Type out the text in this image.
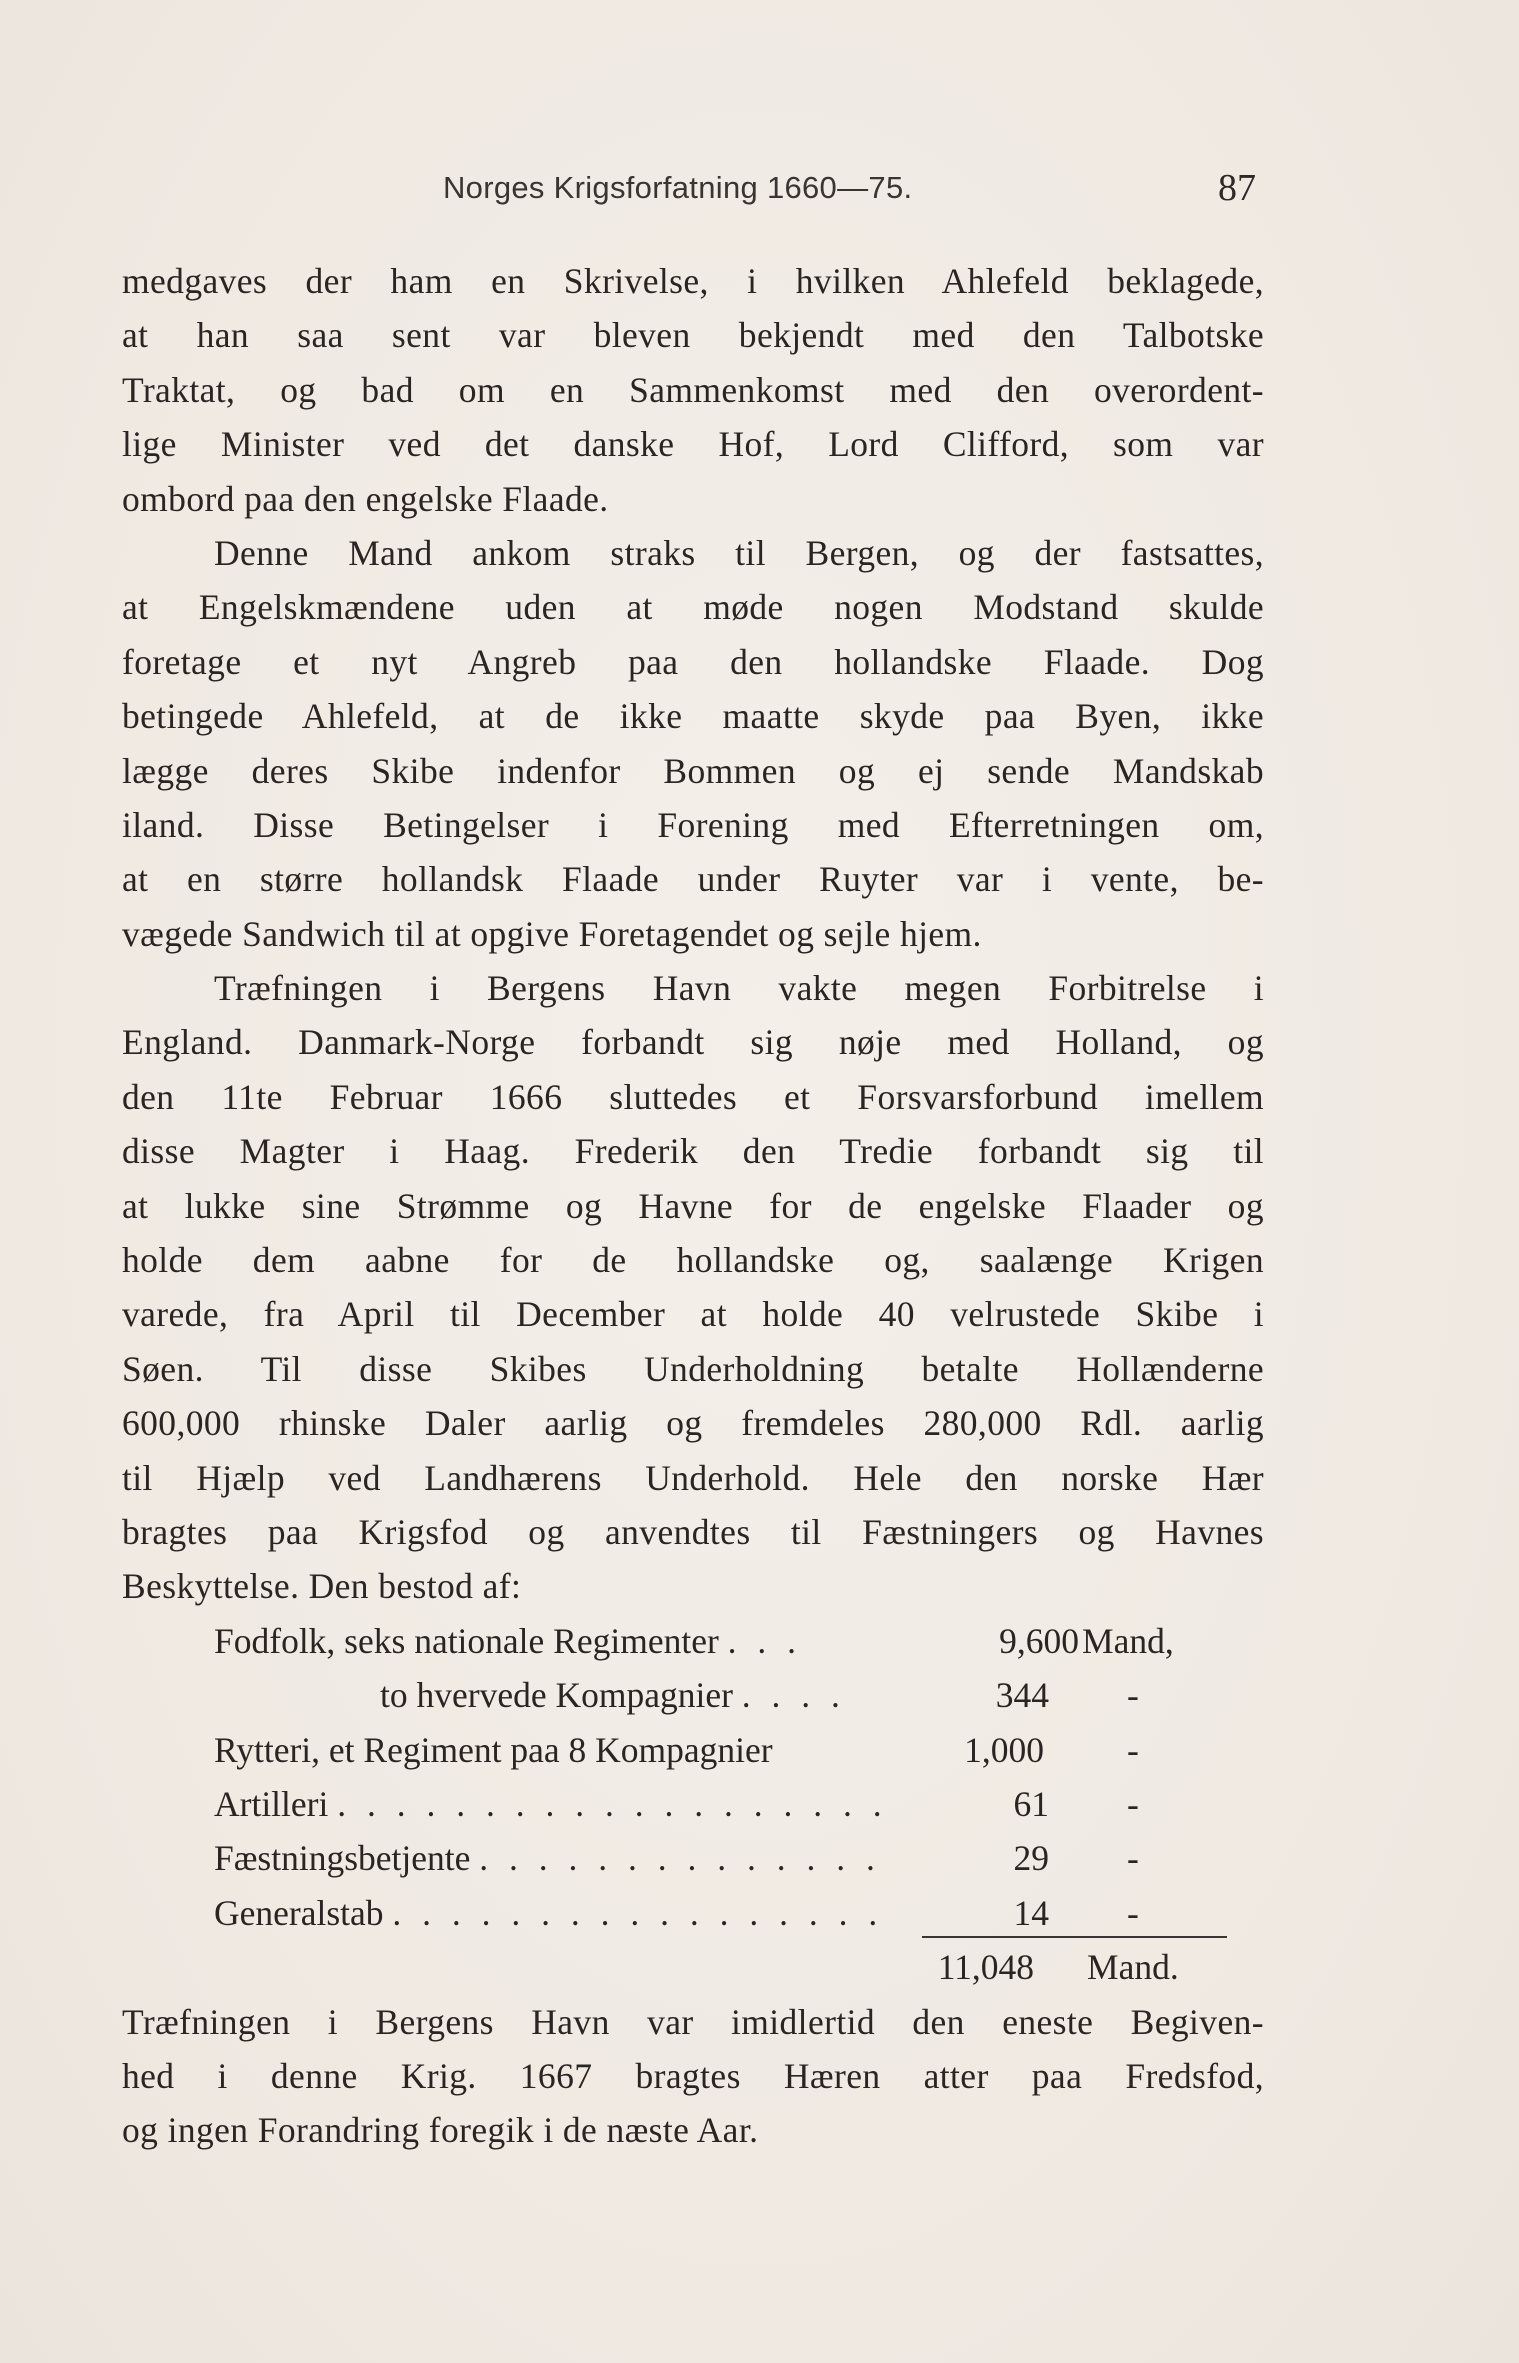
Norges Krigsforfatning 1660—75.	87
medgaves der ham en Skrivelse, i hvilken Ahlefeld beklagede,
at han saa sent var bleven bekjendt med den Talbotske
Traktat, og bad om en Sammenkomst med den overordent-
lige Minister ved det danske Hof, Lord Clifford, som var
ombord paa den engelske Flaade.
Denne Mand ankom straks til Bergen, og der fastsattes,
at Engelskmændene uden at møde nogen Modstand skulde
foretage et nyt Angreb paa den hollandske Flaade. Dog
betingede Ahlefeld, at de ikke maatte skyde paa Byen, ikke
lægge deres Skibe indenfor Bommen og ej sende Mandskab
iland. Disse Betingelser i Forening med Efterretningen om,
at en større hollandsk Flaade under Ruyter var i vente, be-
vægede Sandwich til at opgive Foretagendet og sejle hjem.
Træfningen i Bergens Havn vakte megen Forbitrelse i
England. Danmark-Norge forbandt sig nøje med Holland, og
den 11te Februar 1666 sluttedes et Forsvarsforbund imellem
disse Magter i Haag. Frederik den Tredie forbandt sig til
at lukke sine Strømme og Havne for de engelske Flaader og
holde dem aabne for de hollandske og, saalænge Krigen
varede, fra April til December at holde 40 velrustede Skibe i
Søen. Til disse Skibes Underholdning betalte Hollænderne
600,000 rhinske Daler aarlig og fremdeles 280,000 Rdl. aarlig
til Hjælp ved Landhærens Underhold. Hele den norske Hær
bragtes paa Krigsfod og anvendtes til Fæstningers og Havnes
Beskyttelse. Den bestod af:
Fodfolk, seks nationale Regimenter . . .	9,600 Mand,
to hvervede Kompagnier . . . .	344 -
Rytteri, et Regiment paa 8 Kompagnier	1,000 -
Artilleri . . . . . . . . . . . . . . . . . . .	61 -
Fæstningsbetjente . . . . . . . . . . . . . .	29 -
Generalstab . . . . . . . . . . . . . . . . .	14 -
11,048 Mand.
Træfningen i Bergens Havn var imidlertid den eneste Begiven-
hed i denne Krig. 1667 bragtes Hæren atter paa Fredsfod,
og ingen Forandring foregik i de næste Aar.
